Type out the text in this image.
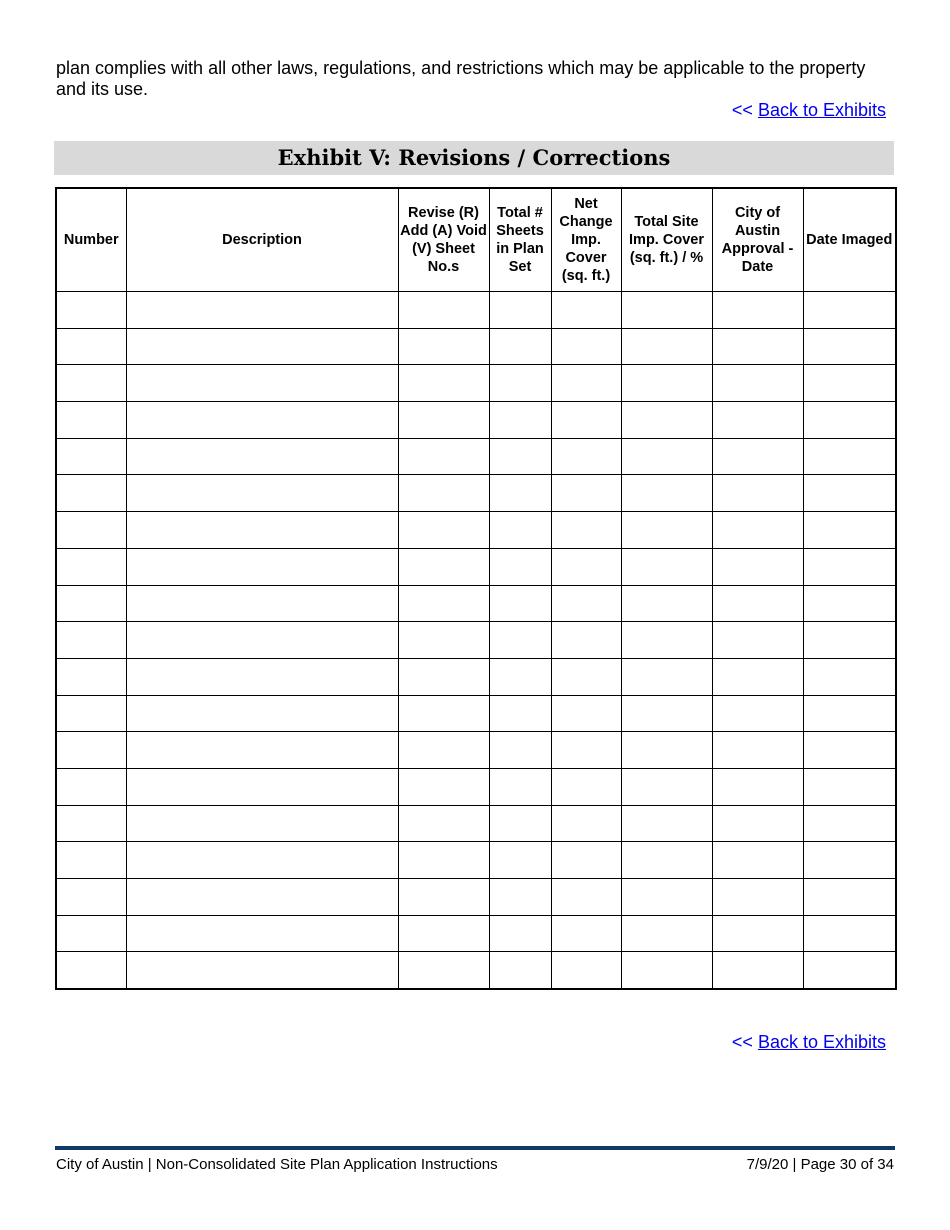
plan complies with all other laws, regulations, and restrictions which may be applicable to the property and its use.
<< Back to Exhibits
Exhibit V: Revisions / Corrections
Number	Description	Revise (R) Add (A) Void (V) Sheet No.s	Total # Sheets in Plan Set	Net Change Imp. Cover (sq. ft.)	Total Site Imp. Cover (sq. ft.) / %	City of Austin Approval - Date	Date Imaged

<< Back to Exhibits
City of Austin | Non-Consolidated Site Plan Application Instructions	7/9/20 | Page 30 of 34
